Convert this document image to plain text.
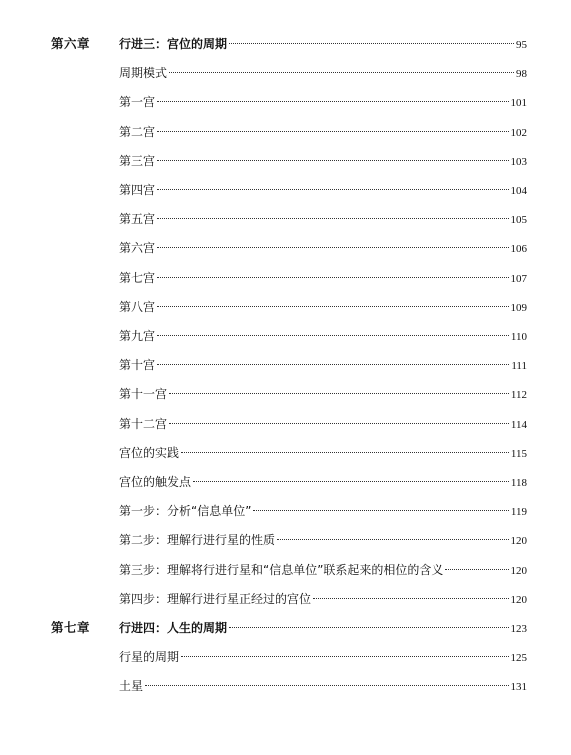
第六章 行进三：宫位的周期	95
周期模式	98
第一宫	101
第二宫	102
第三宫	103
第四宫	104
第五宫	105
第六宫	106
第七宫	107
第八宫	109
第九宫	110
第十宫	111
第十一宫	112
第十二宫	114
宫位的实践	115
宫位的触发点	118
第一步：分析“信息单位”	119
第二步：理解行进行星的性质	120
第三步：理解将行进行星和“信息单位”联系起来的相位的含义	120
第四步：理解行进行星正经过的宫位	120
第七章 行进四：人生的周期	123
行星的周期	125
土星	131
